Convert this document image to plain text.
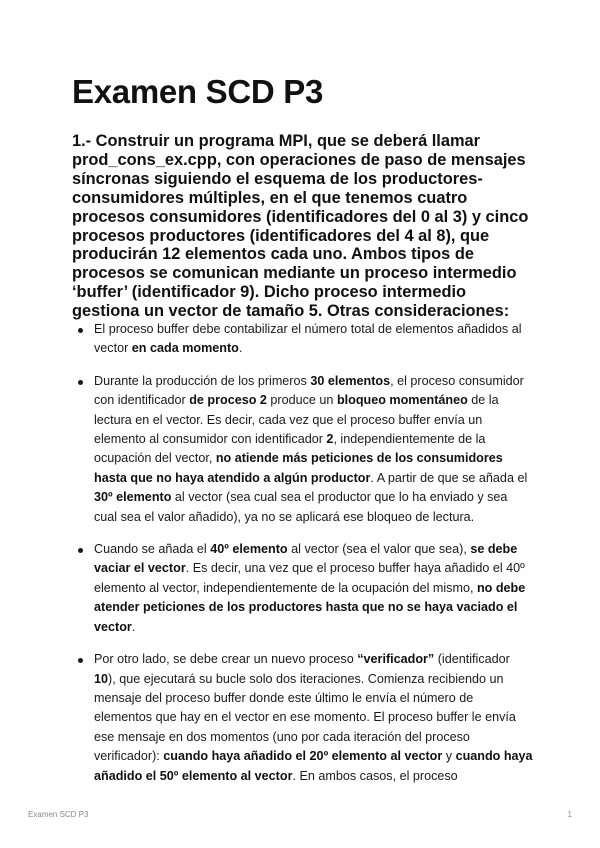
Examen SCD P3

1.- Construir un programa MPI, que se deberá llamar prod_cons_ex.cpp, con operaciones de paso de mensajes síncronas siguiendo el esquema de los productores-consumidores múltiples, en el que tenemos cuatro procesos consumidores (identificadores del 0 al 3) y cinco procesos productores (identificadores del 4 al 8), que producirán 12 elementos cada uno. Ambos tipos de procesos se comunican mediante un proceso intermedio ‘buffer’ (identificador 9). Dicho proceso intermedio gestiona un vector de tamaño 5. Otras consideraciones:

El proceso buffer debe contabilizar el número total de elementos añadidos al vector en cada momento.
Durante la producción de los primeros 30 elementos, el proceso consumidor con identificador de proceso 2 produce un bloqueo momentáneo de la lectura en el vector. Es decir, cada vez que el proceso buffer envía un elemento al consumidor con identificador 2, independientemente de la ocupación del vector, no atiende más peticiones de los consumidores hasta que no haya atendido a algún productor. A partir de que se añada el 30º elemento al vector (sea cual sea el productor que lo ha enviado y sea cual sea el valor añadido), ya no se aplicará ese bloqueo de lectura.
Cuando se añada el 40º elemento al vector (sea el valor que sea), se debe vaciar el vector. Es decir, una vez que el proceso buffer haya añadido el 40º elemento al vector, independientemente de la ocupación del mismo, no debe atender peticiones de los productores hasta que no se haya vaciado el vector.
Por otro lado, se debe crear un nuevo proceso “verificador” (identificador 10), que ejecutará su bucle solo dos iteraciones. Comienza recibiendo un mensaje del proceso buffer donde este último le envía el número de elementos que hay en el vector en ese momento. El proceso buffer le envía ese mensaje en dos momentos (uno por cada iteración del proceso verificador): cuando haya añadido el 20º elemento al vector y cuando haya añadido el 50º elemento al vector. En ambos casos, el proceso
Examen SCD P3	1
